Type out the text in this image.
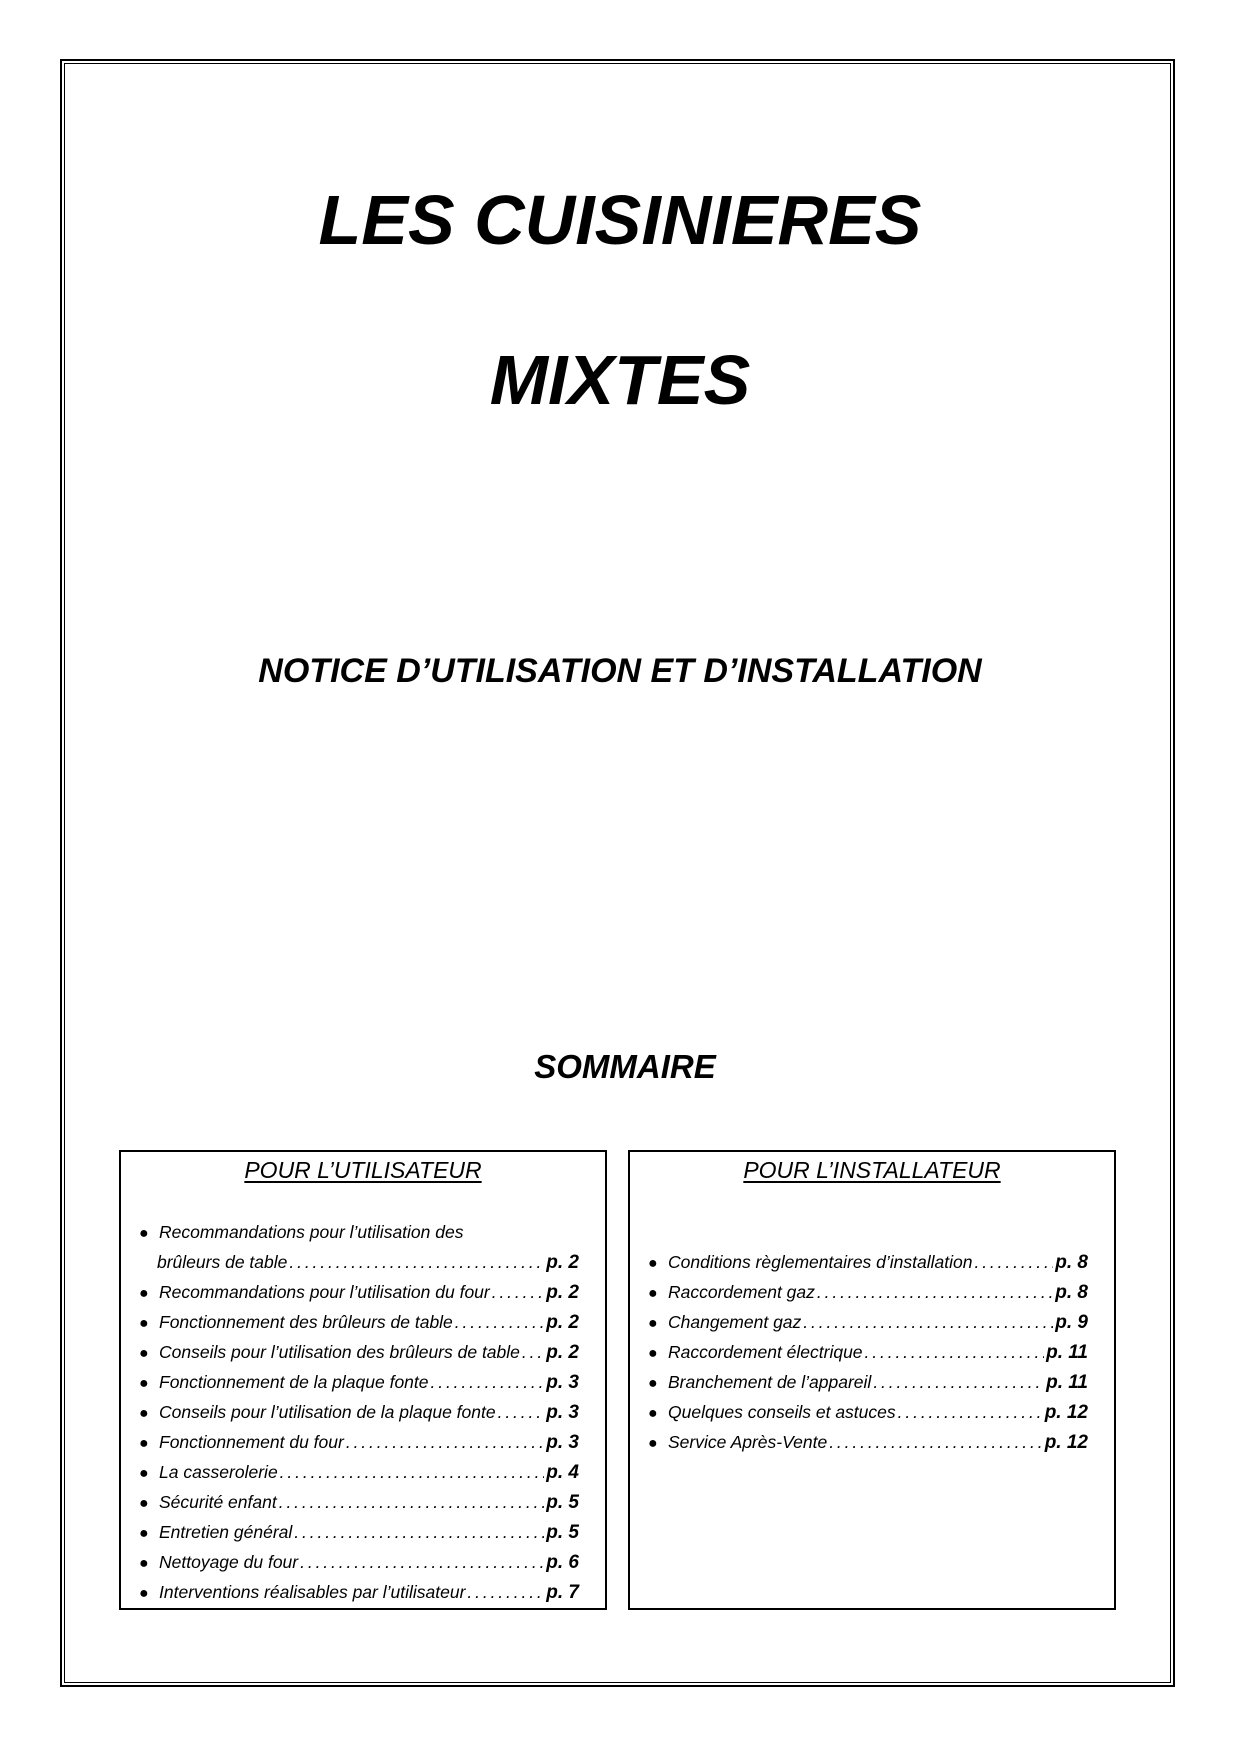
LES CUISINIERES
MIXTES
NOTICE D’UTILISATION ET D’INSTALLATION
SOMMAIRE
POUR L’UTILISATEUR
● Recommandations pour l’utilisation des
brûleurs de table . . .	p. 2
● Recommandations pour l’utilisation du four . . .	p. 2
● Fonctionnement des brûleurs de table . . .	p. 2
● Conseils pour l’utilisation des brûleurs de table . . . p. 2
● Fonctionnement de la plaque fonte . . .	p. 3
● Conseils pour l’utilisation de la plaque fonte . . .	p. 3
● Fonctionnement du four . . .	p. 3
● La casserolerie . . .	p. 4
● Sécurité enfant . . .	p. 5
● Entretien général . . .	p. 5
● Nettoyage du four . . .	p. 6
● Interventions réalisables par l’utilisateur . . .	p. 7
POUR L’INSTALLATEUR
● Conditions règlementaires d’installation . . .	p. 8
● Raccordement gaz . . .	p. 8
● Changement gaz . . .	p. 9
● Raccordement électrique . . .	p. 11
● Branchement de l’appareil . . .	p. 11
● Quelques conseils et astuces . . .	p. 12
● Service Après-Vente . . .	p. 12
